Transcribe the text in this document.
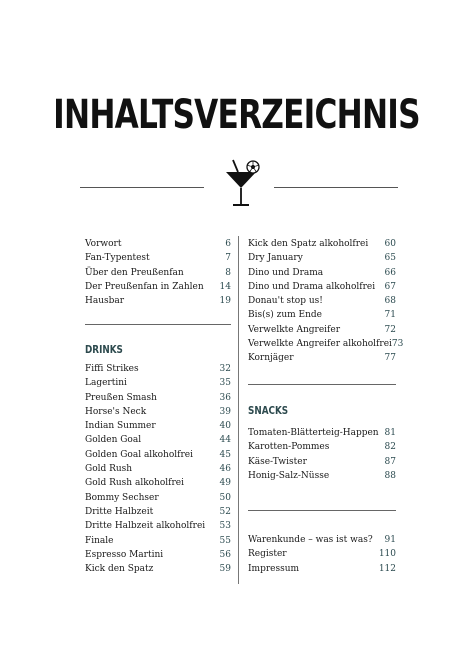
INHALTSVERZEICHNIS
Vorwort	6
Fan-Typentest	7
Über den Preußenfan	8
Der Preußenfan in Zahlen 14
Hausbar	19
DRINKS
Fiffi Strikes	32
Lagertini	35
Preußen Smash	36
Horse's Neck	39
Indian Summer	40
Golden Goal	44
Golden Goal alkoholfrei	45
Gold Rush	46
Gold Rush alkoholfrei	49
Bommy Sechser	50
Dritte Halbzeit	52
Dritte Halbzeit alkoholfrei 53
Finale	55
Espresso Martini	56
Kick den Spatz	59
Kick den Spatz alkoholfrei 60
Dry January	65
Dino und Drama	66
Dino und Drama alkoholfrei 67
Donau't stop us!	68
Bis(s) zum Ende	71
Verwelkte Angreifer	72
Verwelkte Angreifer alkoholfrei 73
Kornjäger	77
SNACKS
Tomaten-Blätterteig-Happen 81
Karotten-Pommes	82
Käse-Twister	87
Honig-Salz-Nüsse	88
Warenkunde – was ist was? 91
Register	110
Impressum	112
